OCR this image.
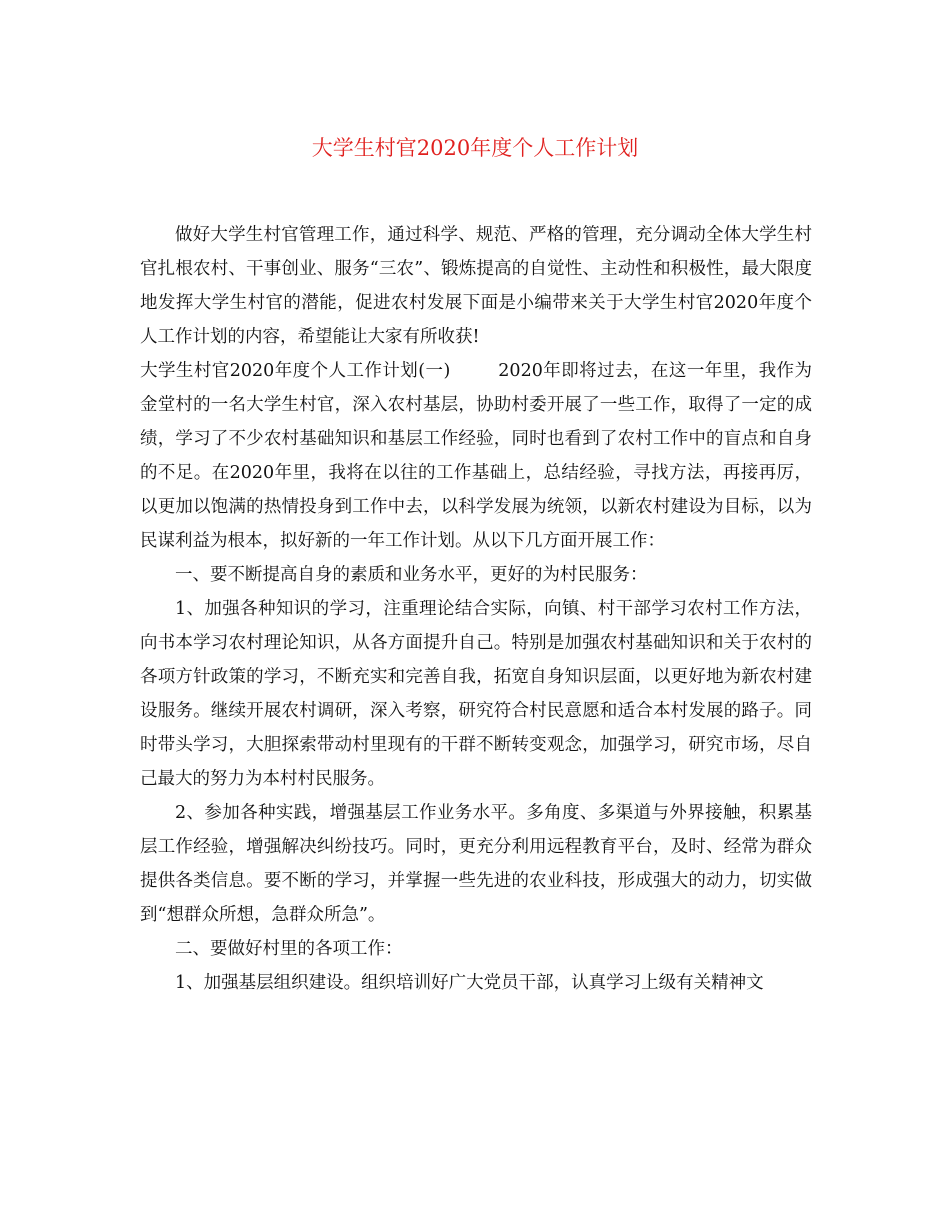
大学生村官2020年度个人工作计划

做好大学生村官管理工作，通过科学、规范、严格的管理，充分调动全体大学生村官扎根农村、干事创业、服务“三农”、锻炼提高的自觉性、主动性和积极性，最大限度地发挥大学生村官的潜能，促进农村发展下面是小编带来关于大学生村官2020年度个人工作计划的内容，希望能让大家有所收获!

大学生村官2020年度个人工作计划(一)	2020年即将过去，在这一年里，我作为金堂村的一名大学生村官，深入农村基层，协助村委开展了一些工作，取得了一定的成绩，学习了不少农村基础知识和基层工作经验，同时也看到了农村工作中的盲点和自身的不足。在2020年里，我将在以往的工作基础上，总结经验，寻找方法，再接再厉，以更加以饱满的热情投身到工作中去，以科学发展为统领，以新农村建设为目标，以为民谋利益为根本，拟好新的一年工作计划。从以下几方面开展工作：

一、要不断提高自身的素质和业务水平，更好的为村民服务：

1、加强各种知识的学习，注重理论结合实际，向镇、村干部学习农村工作方法，向书本学习农村理论知识，从各方面提升自己。特别是加强农村基础知识和关于农村的各项方针政策的学习，不断充实和完善自我，拓宽自身知识层面，以更好地为新农村建设服务。继续开展农村调研，深入考察，研究符合村民意愿和适合本村发展的路子。同时带头学习，大胆探索带动村里现有的干群不断转变观念，加强学习，研究市场，尽自己最大的努力为本村村民服务。

2、参加各种实践，增强基层工作业务水平。多角度、多渠道与外界接触，积累基层工作经验，增强解决纠纷技巧。同时，更充分利用远程教育平台，及时、经常为群众提供各类信息。要不断的学习，并掌握一些先进的农业科技，形成强大的动力，切实做到“想群众所想，急群众所急”。

二、要做好村里的各项工作：

1、加强基层组织建设。组织培训好广大党员干部，认真学习上级有关精神文
